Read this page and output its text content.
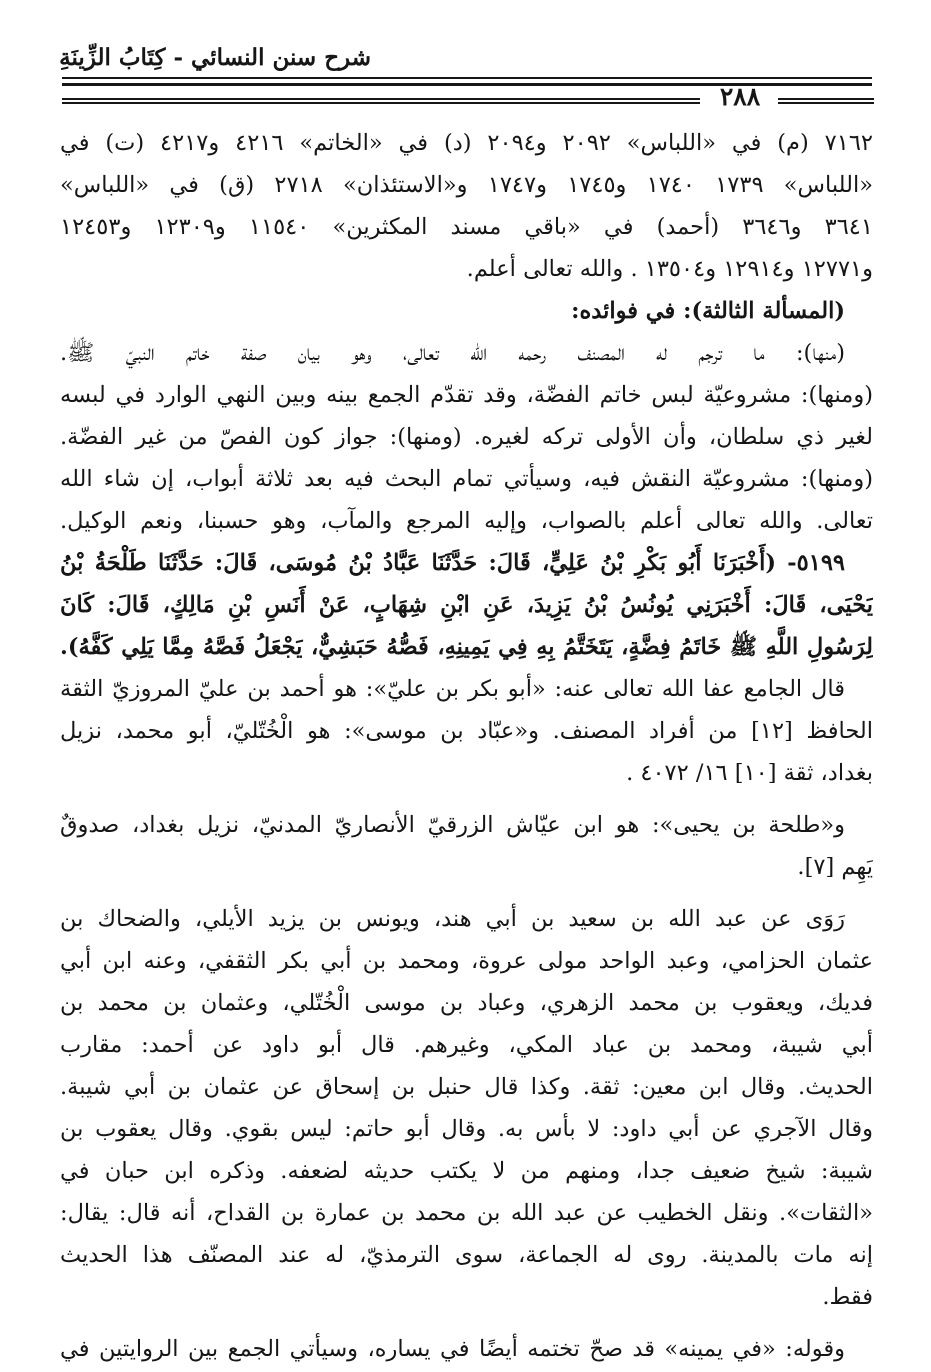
شرح سنن النسائي - كِتَابُ الزِّينَةِ
٢٨٨
٧١٦٢ (م) في «اللباس» ٢٠٩٢ و٢٠٩٤ (د) في «الخاتم» ٤٢١٦ و٤٢١٧ (ت) في
«اللباس» ١٧٣٩ ١٧٤٠ و١٧٤٥ و١٧٤٧ و«الاستئذان» ٢٧١٨ (ق) في «اللباس»
٣٦٤١ و٣٦٤٦ (أحمد) في «باقي مسند المكثرين» ١١٥٤٠ و١٢٣٠٩ و١٢٤٥٣
و١٢٧٧١ و١٢٩١٤ و١٣٥٠٤ . والله تعالى أعلم.
(المسألة الثالثة): في فوائده:
(منها): ما ترجم له المصنف رحمه الله تعالى، وهو بيان صفة خاتم النبيّ ﷺ.
(ومنها): مشروعيّة لبس خاتم الفضّة، وقد تقدّم الجمع بينه وبين النهي الوارد في لبسه
لغير ذي سلطان، وأن الأولى تركه لغيره. (ومنها): جواز كون الفصّ من غير الفضّة.
(ومنها): مشروعيّة النقش فيه، وسيأتي تمام البحث فيه بعد ثلاثة أبواب، إن شاء الله
تعالى. والله تعالى أعلم بالصواب، وإليه المرجع والمآب، وهو حسبنا، ونعم الوكيل.
٥١٩٩- (أَخْبَرَنَا أَبُو بَكْرِ بْنُ عَلِيٍّ، قَالَ: حَدَّثَنَا عَبَّادُ بْنُ مُوسَى، قَالَ: حَدَّثَنَا طَلْحَةُ بْنُ
يَحْيَى، قَالَ: أَخْبَرَنِي يُونُسُ بْنُ يَزِيدَ، عَنِ ابْنِ شِهَابٍ، عَنْ أَنَسِ بْنِ مَالِكٍ، قَالَ: كَانَ
لِرَسُولِ اللَّهِ ﷺ خَاتَمُ فِضَّةٍ، يَتَخَتَّمُ بِهِ فِي يَمِينِهِ، فَصُّهُ حَبَشِيٌّ، يَجْعَلُ فَصَّهُ مِمَّا يَلِي كَفَّهُ).
قال الجامع عفا الله تعالى عنه: «أبو بكر بن عليّ»: هو أحمد بن عليّ المروزيّ الثقة
الحافظ [١٢] من أفراد المصنف. و«عبّاد بن موسى»: هو الْخُتّليّ، أبو محمد، نزيل
بغداد، ثقة [١٠] ١٦/ ٤٠٧٢ .
و«طلحة بن يحيى»: هو ابن عيّاش الزرقيّ الأنصاريّ المدنيّ، نزيل بغداد، صدوقٌ
يَهِم [٧].
رَوَى عن عبد الله بن سعيد بن أبي هند، ويونس بن يزيد الأيلي، والضحاك بن
عثمان الحزامي، وعبد الواحد مولى عروة، ومحمد بن أبي بكر الثقفي، وعنه ابن أبي
فديك، ويعقوب بن محمد الزهري، وعباد بن موسى الْخُتّلي، وعثمان بن محمد بن
أبي شيبة، ومحمد بن عباد المكي، وغيرهم. قال أبو داود عن أحمد: مقارب
الحديث. وقال ابن معين: ثقة. وكذا قال حنبل بن إسحاق عن عثمان بن أبي شيبة.
وقال الآجري عن أبي داود: لا بأس به. وقال أبو حاتم: ليس بقوي. وقال يعقوب بن
شيبة: شيخ ضعيف جدا، ومنهم من لا يكتب حديثه لضعفه. وذكره ابن حبان في
«الثقات». ونقل الخطيب عن عبد الله بن محمد بن عمارة بن القداح، أنه قال: يقال:
إنه مات بالمدينة. روى له الجماعة، سوى الترمذيّ، له عند المصنّف هذا الحديث
فقط.
وقوله: «في يمينه» قد صحّ تختمه أيضًا في يساره، وسيأتي الجمع بين الروايتين في
